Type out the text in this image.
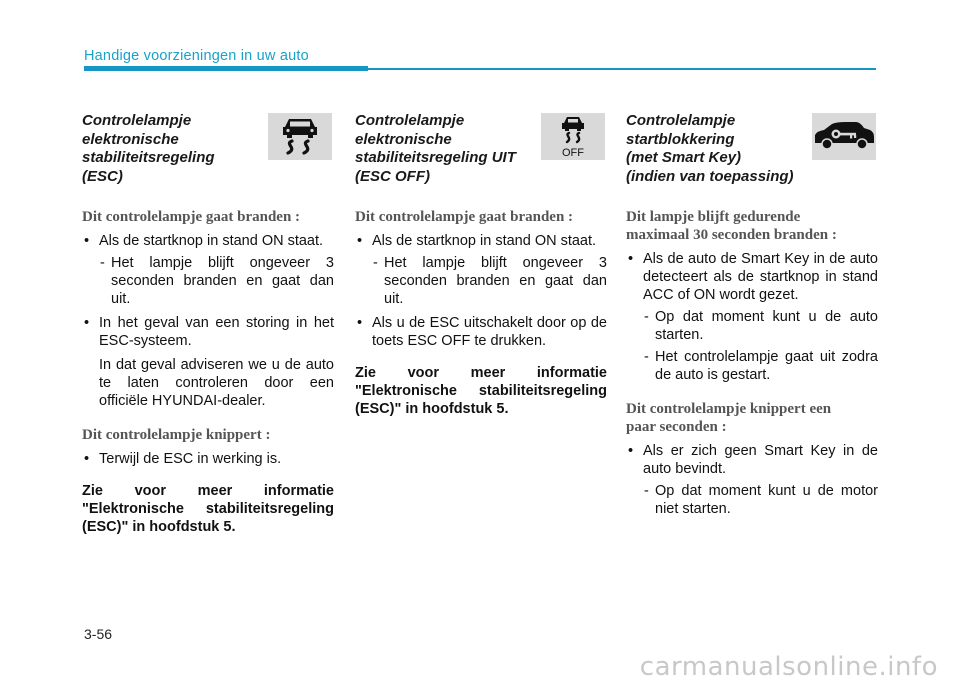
Handige voorzieningen in uw auto

Controlelampje
elektronische
stabiliteitsregeling
(ESC)

Dit controlelampje gaat branden :

• Als de startknop in stand ON staat.

- Het lampje blijft ongeveer 3 seconden branden en gaat dan uit.

• In het geval van een storing in het ESC-systeem.

In dat geval adviseren we u de auto te laten controleren door een officiële HYUNDAI-dealer.

Dit controlelampje knippert :

• Terwijl de ESC in werking is.

Zie voor meer informatie
"Elektronische stabiliteitsregeling (ESC)" in hoofdstuk 5.

Controlelampje
elektronische
stabiliteitsregeling UIT
(ESC OFF)

OFF

Dit controlelampje gaat branden :

• Als de startknop in stand ON staat.

- Het lampje blijft ongeveer 3 seconden branden en gaat dan uit.

• Als u de ESC uitschakelt door op de toets ESC OFF te drukken.

Zie voor meer informatie
"Elektronische stabiliteitsregeling (ESC)" in hoofdstuk 5.

Controlelampje
startblokkering
(met Smart Key)
(indien van toepassing)

Dit lampje blijft gedurende
maximaal 30 seconden branden :

• Als de auto de Smart Key in de auto detecteert als de startknop in stand ACC of ON wordt gezet.

- Op dat moment kunt u de auto starten.

- Het controlelampje gaat uit zodra de auto is gestart.

Dit controlelampje knippert een
paar seconden :

• Als er zich geen Smart Key in de auto bevindt.

- Op dat moment kunt u de motor niet starten.

3-56
carmanualsonline.info
